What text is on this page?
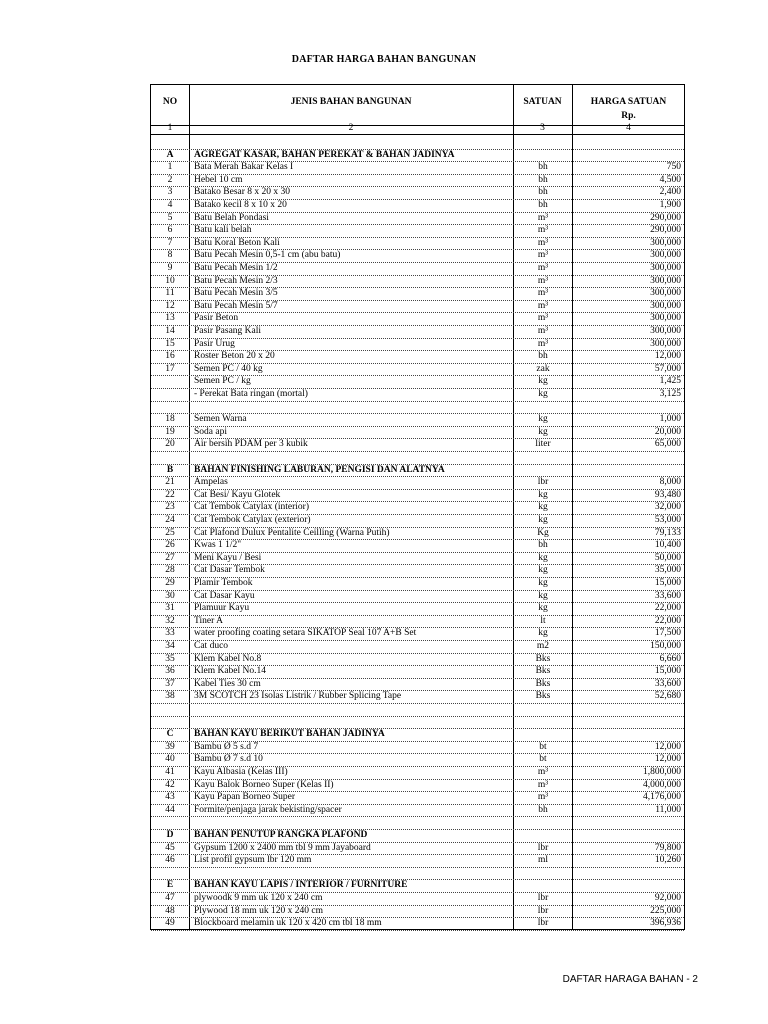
DAFTAR HARGA BAHAN BANGUNAN
NO	JENIS BAHAN BANGUNAN	SATUAN	HARGA SATUAN
Rp.
1	2	3	4
A	AGREGAT KASAR, BAHAN PEREKAT & BAHAN JADINYA
1	Bata Merah Bakar Kelas I	bh	750
2	Hebel 10 cm	bh	4,500
3	Batako Besar 8 x 20 x 30	bh	2,400
4	Batako kecil 8 x 10 x 20	bh	1,900
5	Batu Belah Pondasi	m³	290,000
6	Batu kali belah	m³	290,000
7	Batu Koral Beton Kali	m³	300,000
8	Batu Pecah Mesin 0,5-1 cm (abu batu)	m³	300,000
9	Batu Pecah Mesin 1/2	m³	300,000
10	Batu Pecah Mesin 2/3	m³	300,000
11	Batu Pecah Mesin 3/5	m³	300,000
12	Batu Pecah Mesin 5/7	m³	300,000
13	Pasir Beton	m³	300,000
14	Pasir Pasang Kali	m³	300,000
15	Pasir Urug	m³	300,000
16	Roster Beton 20 x 20	bh	12,000
17	Semen PC / 40 kg	zak	57,000
Semen PC / kg	kg	1,425
- Perekat Bata ringan (mortal)	kg	3,125
18	Semen Warna	kg	1,000
19	Soda api	kg	20,000
20	Air bersih PDAM per 3 kubik	liter	65,000
B	BAHAN FINISHING LABURAN, PENGISI DAN ALATNYA
21	Ampelas	lbr	8,000
22	Cat Besi/ Kayu Glotek	kg	93,480
23	Cat Tembok Catylax (interior)	kg	32,000
24	Cat Tembok Catylax (exterior)	kg	53,000
25	Cat Plafond Dulux Pentalite Ceilling (Warna Putih)	Kg	79,133
26	Kwas 1 1/2"	bh	10,400
27	Meni Kayu / Besi	kg	50,000
28	Cat Dasar Tembok	kg	35,000
29	Plamir Tembok	kg	15,000
30	Cat Dasar Kayu	kg	33,600
31	Plamuur Kayu	kg	22,000
32	Tiner A	lt	22,000
33	water proofing coating setara SIKATOP Seal 107 A+B Set	kg	17,500
34	Cat duco	m2	150,000
35	Klem Kabel No.8	Bks	6,660
36	Klem Kabel No.14	Bks	15,000
37	Kabel Ties 30 cm	Bks	33,600
38	3M SCOTCH 23 Isolas Listrik / Rubber Splicing Tape	Bks	52,680
C	BAHAN KAYU BERIKUT BAHAN JADINYA
39	Bambu Ø 5 s.d 7	bt	12,000
40	Bambu Ø 7 s.d 10	bt	12,000
41	Kayu Albasia (Kelas III)	m³	1,800,000
42	Kayu Balok Borneo Super (Kelas II)	m³	4,000,000
43	Kayu Papan Borneo Super	m³	4,176,000
44	Formite/penjaga jarak bekisting/spacer	bh	11,000
D	BAHAN PENUTUP RANGKA PLAFOND
45	Gypsum 1200 x 2400 mm tbl 9 mm Jayaboard	lbr	79,800
46	List profil gypsum lbr 120 mm	ml	10,260
E	BAHAN KAYU LAPIS / INTERIOR / FURNITURE
47	plywoodk 9 mm uk 120 x 240 cm	lbr	92,000
48	Plywood 18 mm uk 120 x 240 cm	lbr	225,000
49	Blockboard melamin uk 120 x 420 cm tbl 18 mm	lbr	396,936
DAFTAR HARAGA BAHAN - 2
